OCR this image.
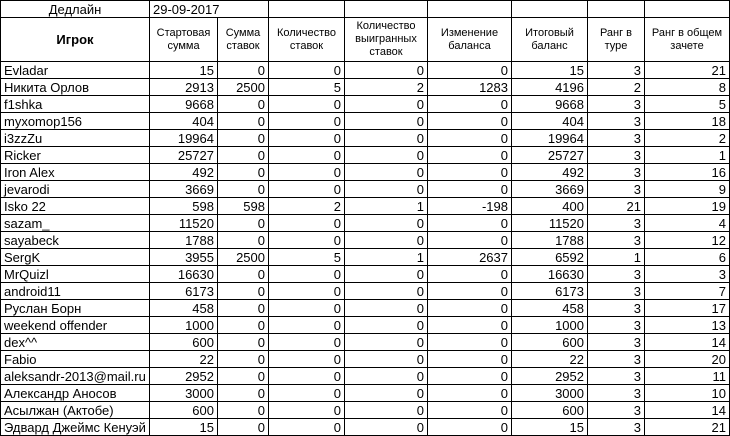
Дедлайн	29-09-2017							
Игрок	Стартовая сумма	Сумма ставок	Количество ставок	Количество выигранных ставок	Изменение баланса	Итоговый баланс	Ранг в туре	Ранг в общем зачете
Evladar	15	0	0	0	0	15	3	21
Никита Орлов	2913	2500	5	2	1283	4196	2	8
f1shka	9668	0	0	0	0	9668	3	5
myxomop156	404	0	0	0	0	404	3	18
i3zzZu	19964	0	0	0	0	19964	3	2
Ricker	25727	0	0	0	0	25727	3	1
Iron Alex	492	0	0	0	0	492	3	16
jevarodi	3669	0	0	0	0	3669	3	9
Isko 22	598	598	2	1	-198	400	21	19
sazam_	11520	0	0	0	0	11520	3	4
sayabeck	1788	0	0	0	0	1788	3	12
SergK	3955	2500	5	1	2637	6592	1	6
MrQuizl	16630	0	0	0	0	16630	3	3
android11	6173	0	0	0	0	6173	3	7
Руслан Борн	458	0	0	0	0	458	3	17
weekend offender	1000	0	0	0	0	1000	3	13
dex^^	600	0	0	0	0	600	3	14
Fabio	22	0	0	0	0	22	3	20
aleksandr-2013@mail.ru	2952	0	0	0	0	2952	3	11
Александр Аносов	3000	0	0	0	0	3000	3	10
Асылжан (Актобе)	600	0	0	0	0	600	3	14
Эдвард Джеймс Кенуэй	15	0	0	0	0	15	3	21
